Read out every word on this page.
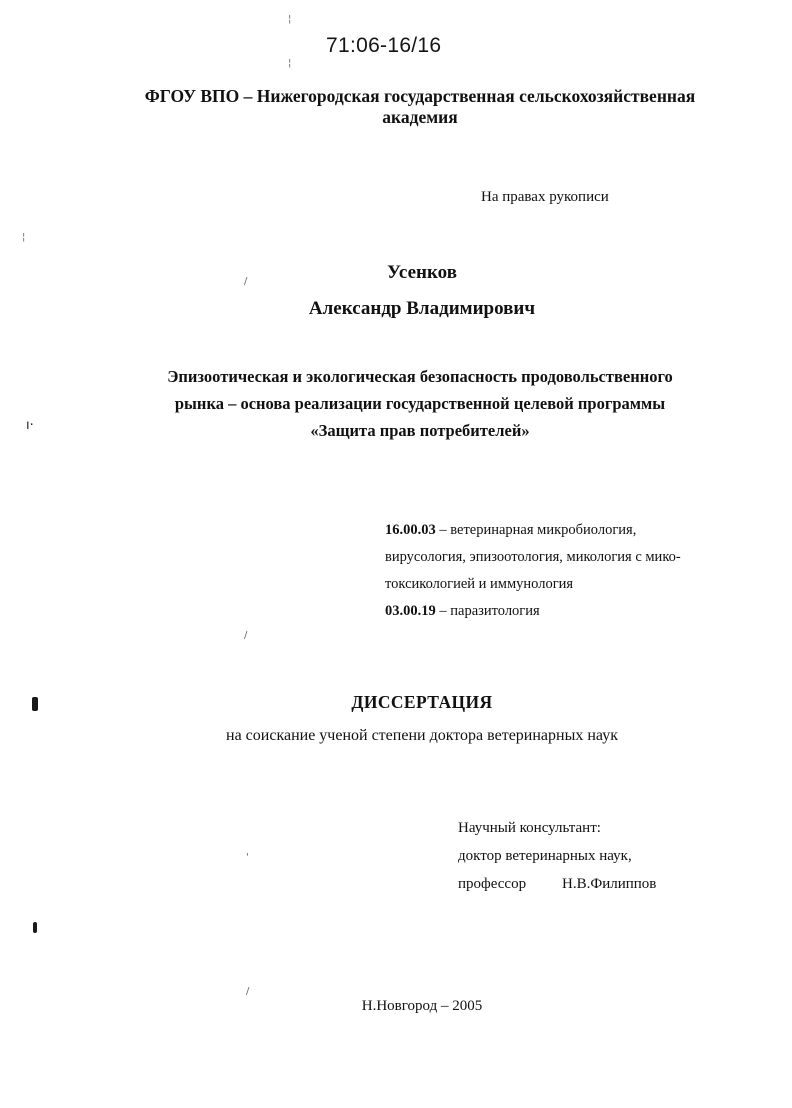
¦
¦
¦
/
ı·
/
'
/
71:06-16/16
ФГОУ ВПО – Нижегородская государственная сельскохозяйственная
академия
На правах рукописи
Усенков
Александр Владимирович
Эпизоотическая и экологическая безопасность продовольственного
рынка – основа реализации государственной целевой программы
«Защита прав потребителей»
16.00.03 – ветеринарная микробиология,
вирусология, эпизоотология, микология с мико-
токсикологией и иммунология
03.00.19 – паразитология
ДИССЕРТАЦИЯ
на соискание ученой степени доктора ветеринарных наук
Научный консультант:
доктор ветеринарных наук,
профессор Н.В.Филиппов
Н.Новгород – 2005
